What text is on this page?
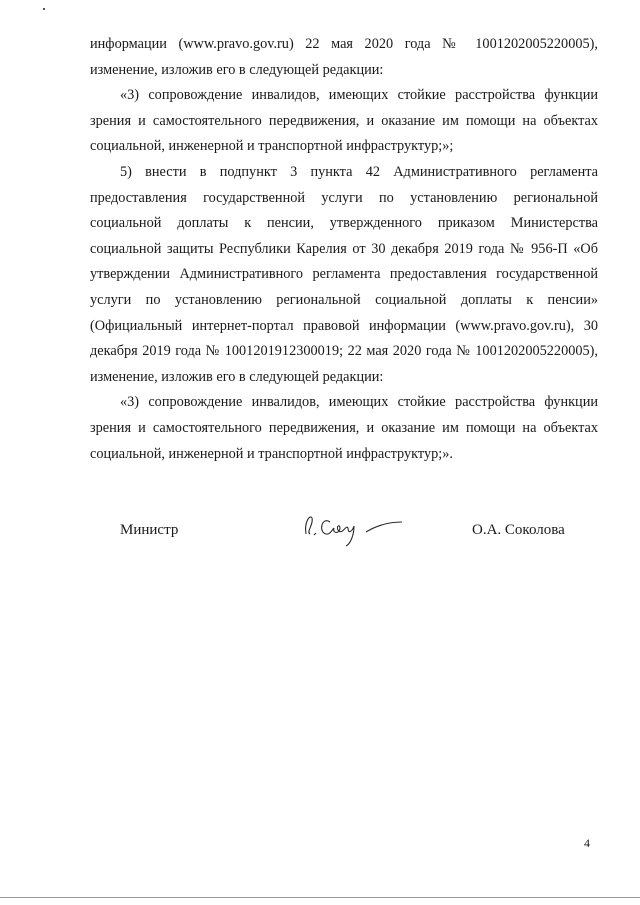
информации (www.pravo.gov.ru) 22 мая 2020 года № 1001202005220005), изменение, изложив его в следующей редакции:

«3) сопровождение инвалидов, имеющих стойкие расстройства функции зрения и самостоятельного передвижения, и оказание им помощи на объектах социальной, инженерной и транспортной инфраструктур;»;

5) внести в подпункт 3 пункта 42 Административного регламента предоставления государственной услуги по установлению региональной социальной доплаты к пенсии, утвержденного приказом Министерства социальной защиты Республики Карелия от 30 декабря 2019 года № 956-П «Об утверждении Административного регламента предоставления государственной услуги по установлению региональной социальной доплаты к пенсии» (Официальный интернет-портал правовой информации (www.pravo.gov.ru), 30 декабря 2019 года № 1001201912300019; 22 мая 2020 года № 1001202005220005), изменение, изложив его в следующей редакции:

«3) сопровождение инвалидов, имеющих стойкие расстройства функции зрения и самостоятельного передвижения, и оказание им помощи на объектах социальной, инженерной и транспортной инфраструктур;».

Министр	О.А. Соколова
4
